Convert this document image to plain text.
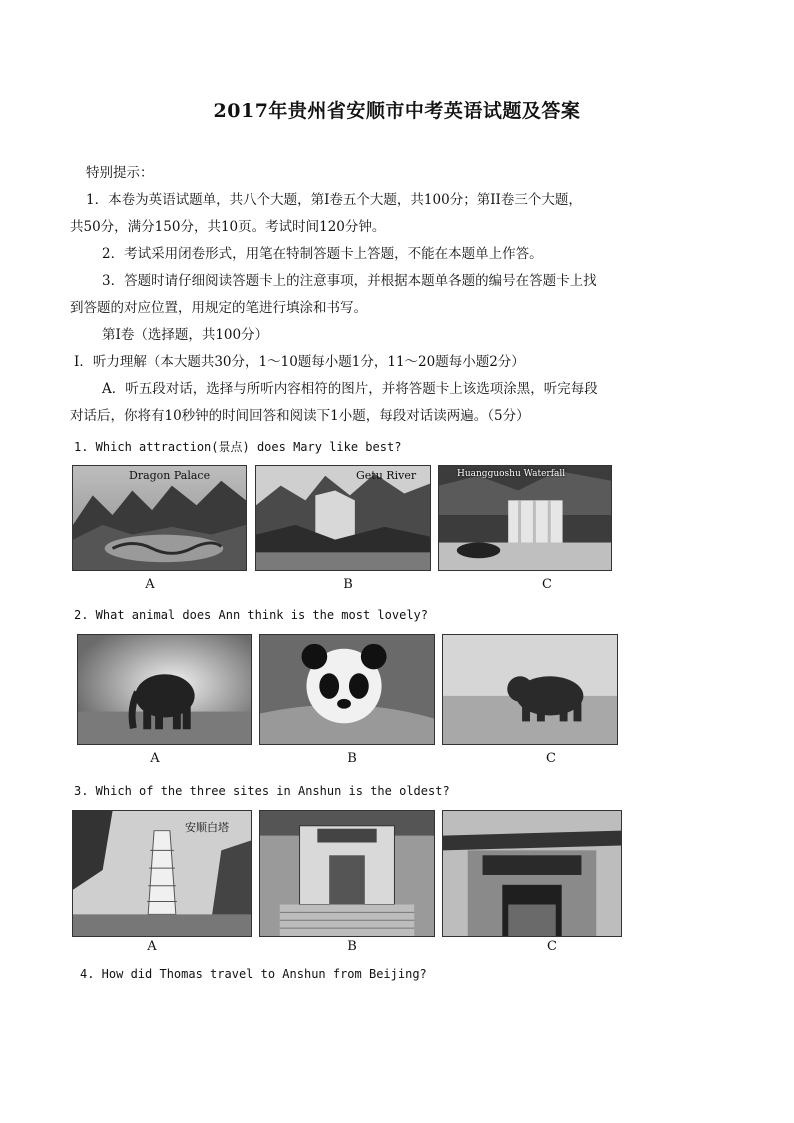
2017年贵州省安顺市中考英语试题及答案
特别提示：
1．本卷为英语试题单，共八个大题，第Ⅰ卷五个大题，共100分；第II卷三个大题，
共50分，满分150分，共10页。考试时间120分钟。
2．考试采用闭卷形式，用笔在特制答题卡上答题，不能在本题单上作答。
3．答题时请仔细阅读答题卡上的注意事项，并根据本题单各题的编号在答题卡上找
到答题的对应位置，用规定的笔进行填涂和书写。
第Ⅰ卷（选择题，共100分）
I．听力理解（本大题共30分，1～10题每小题1分，11～20题每小题2分）
A．听五段对话，选择与所听内容相符的图片，并将答题卡上该选项涂黑，听完每段
对话后，你将有10秒钟的时间回答和阅读下1小题，每段对话读两遍。（5分）
1. Which attraction(景点) does Mary like best?
Dragon Palace	Getu River	Huangguoshu Waterfall
A	B	C
2. What animal does Ann think is the most lovely?
A	B	C
3. Which of the three sites in Anshun is the oldest?
安顺白塔
A	B	C
4. How did Thomas travel to Anshun from Beijing?
